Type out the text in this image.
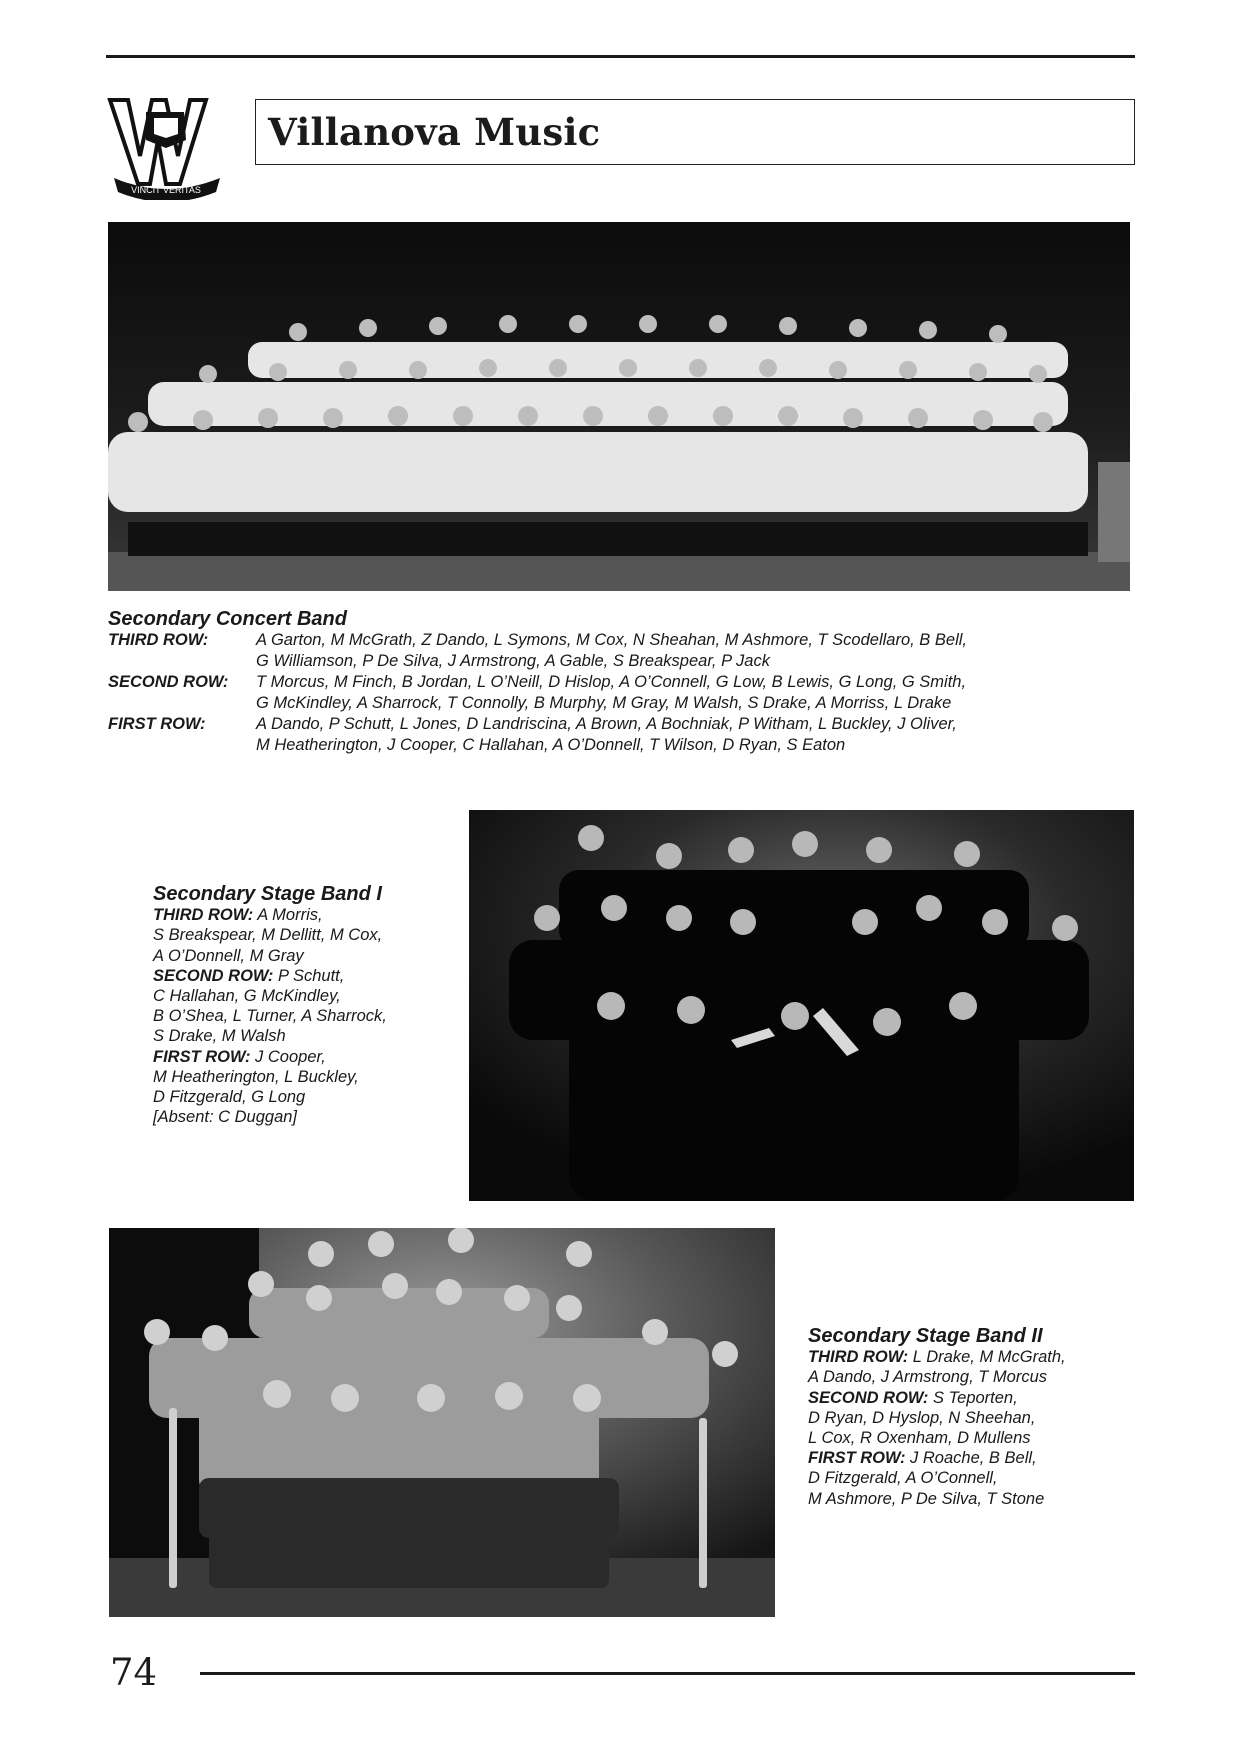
VINCIT VERITAS
Villanova Music
Secondary Concert Band
THIRD ROW:	A Garton, M McGrath, Z Dando, L Symons, M Cox, N Sheahan, M Ashmore, T Scodellaro, B Bell,
G Williamson, P De Silva, J Armstrong, A Gable, S Breakspear, P Jack
SECOND ROW:	T Morcus, M Finch, B Jordan, L O’Neill, D Hislop, A O’Connell, G Low, B Lewis, G Long, G Smith,
G McKindley, A Sharrock, T Connolly, B Murphy, M Gray, M Walsh, S Drake, A Morriss, L Drake
FIRST ROW:	A Dando, P Schutt, L Jones, D Landriscina, A Brown, A Bochniak, P Witham, L Buckley, J Oliver,
M Heatherington, J Cooper, C Hallahan, A O’Donnell, T Wilson, D Ryan, S Eaton
Secondary Stage Band I
THIRD ROW: A Morris,
S Breakspear, M Dellitt, M Cox,
A O’Donnell, M Gray
SECOND ROW: P Schutt,
C Hallahan, G McKindley,
B O’Shea, L Turner, A Sharrock,
S Drake, M Walsh
FIRST ROW: J Cooper,
M Heatherington, L Buckley,
D Fitzgerald, G Long
[Absent: C Duggan]
Secondary Stage Band II
THIRD ROW: L Drake, M McGrath,
A Dando, J Armstrong, T Morcus
SECOND ROW: S Teporten,
D Ryan, D Hyslop, N Sheehan,
L Cox, R Oxenham, D Mullens
FIRST ROW: J Roache, B Bell,
D Fitzgerald, A O’Connell,
M Ashmore, P De Silva, T Stone
74
